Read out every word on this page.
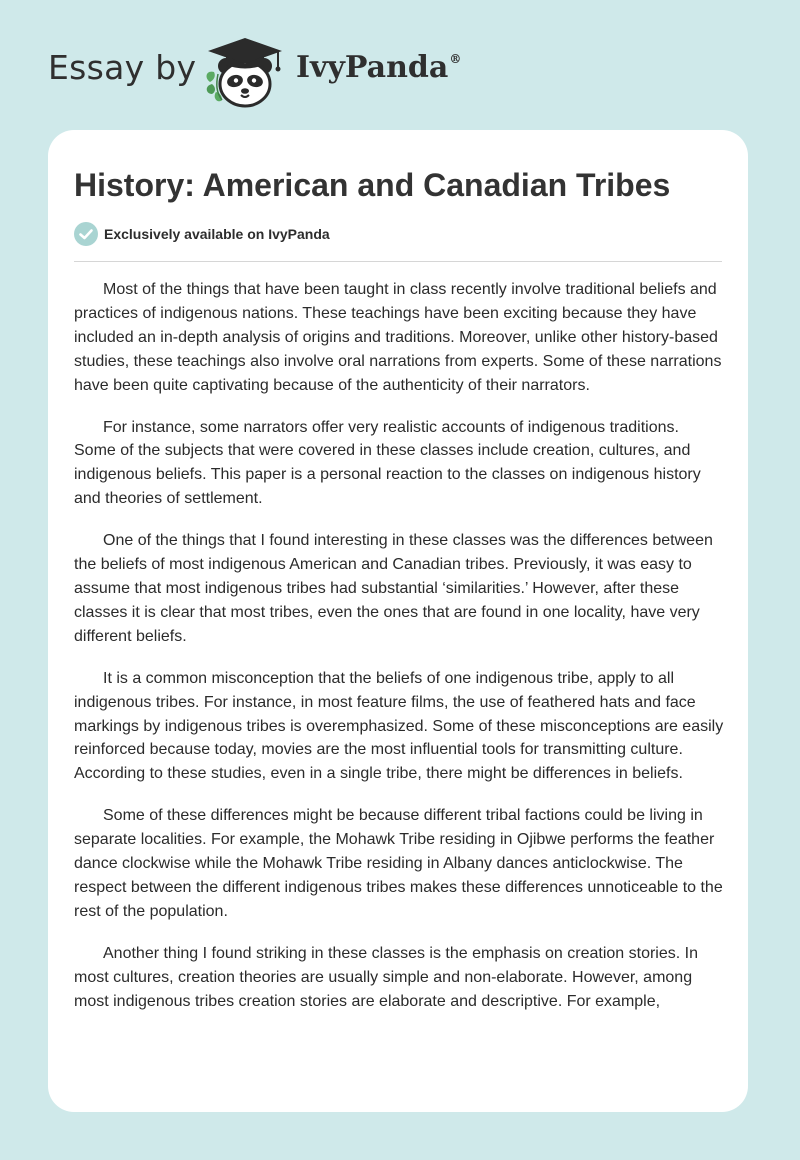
Essay by	IvyPanda®
History: American and Canadian Tribes
Exclusively available on IvyPanda

Most of the things that have been taught in class recently involve traditional beliefs and practices of indigenous nations. These teachings have been exciting because they have included an in-depth analysis of origins and traditions. Moreover, unlike other history-based studies, these teachings also involve oral narrations from experts. Some of these narrations have been quite captivating because of the authenticity of their narrators.

For instance, some narrators offer very realistic accounts of indigenous traditions. Some of the subjects that were covered in these classes include creation, cultures, and indigenous beliefs. This paper is a personal reaction to the classes on indigenous history and theories of settlement.

One of the things that I found interesting in these classes was the differences between the beliefs of most indigenous American and Canadian tribes. Previously, it was easy to assume that most indigenous tribes had substantial ‘similarities.’ However, after these classes it is clear that most tribes, even the ones that are found in one locality, have very different beliefs.

It is a common misconception that the beliefs of one indigenous tribe, apply to all indigenous tribes. For instance, in most feature films, the use of feathered hats and face markings by indigenous tribes is overemphasized. Some of these misconceptions are easily reinforced because today, movies are the most influential tools for transmitting culture. According to these studies, even in a single tribe, there might be differences in beliefs.

Some of these differences might be because different tribal factions could be living in separate localities. For example, the Mohawk Tribe residing in Ojibwe performs the feather dance clockwise while the Mohawk Tribe residing in Albany dances anticlockwise. The respect between the different indigenous tribes makes these differences unnoticeable to the rest of the population.

Another thing I found striking in these classes is the emphasis on creation stories. In most cultures, creation theories are usually simple and non-elaborate. However, among most indigenous tribes creation stories are elaborate and descriptive. For example,
